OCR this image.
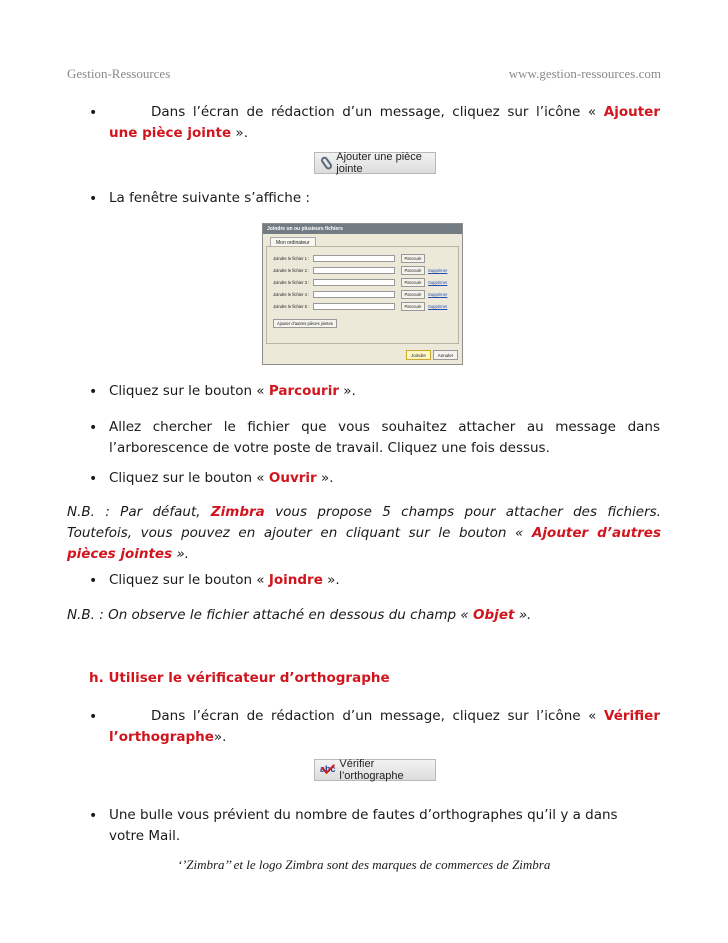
Gestion-Ressources	www.gestion-ressources.com
•	Dans l’écran de rédaction d’un message, cliquez sur l’icône « Ajouter
une pièce jointe ».
Ajouter une pièce jointe
• La fenêtre suivante s’affiche :
Joindre un ou plusieurs fichiers
Mon ordinateur
Joindre le fichier 1 :	Parcourir
Joindre le fichier 2 :	Parcourir	Supprimer
Joindre le fichier 3 :	Parcourir	Supprimer
Joindre le fichier 4 :	Parcourir	Supprimer
Joindre le fichier 5 :	Parcourir	Supprimer
Ajouter d’autres pièces jointes
Joindre	Annuler
• Cliquez sur le bouton « Parcourir ».
• Allez chercher le fichier que vous souhaitez attacher au message dans
l’arborescence de votre poste de travail. Cliquez une fois dessus.
• Cliquez sur le bouton « Ouvrir ».
N.B. : Par défaut, Zimbra vous propose 5 champs pour attacher des fichiers.
Toutefois, vous pouvez en ajouter en cliquant sur le bouton « Ajouter d’autres
pièces jointes ».
• Cliquez sur le bouton « Joindre ».
N.B. : On observe le fichier attaché en dessous du champ « Objet ».
h. Utiliser le vérificateur d’orthographe
•	Dans l’écran de rédaction d’un message, cliquez sur l’icône « Vérifier
l’orthographe».
abc Vérifier l’orthographe
• Une bulle vous prévient du nombre de fautes d’orthographes qu’il y a dans
votre Mail.
‘’Zimbra’’ et le logo Zimbra sont des marques de commerces de Zimbra
